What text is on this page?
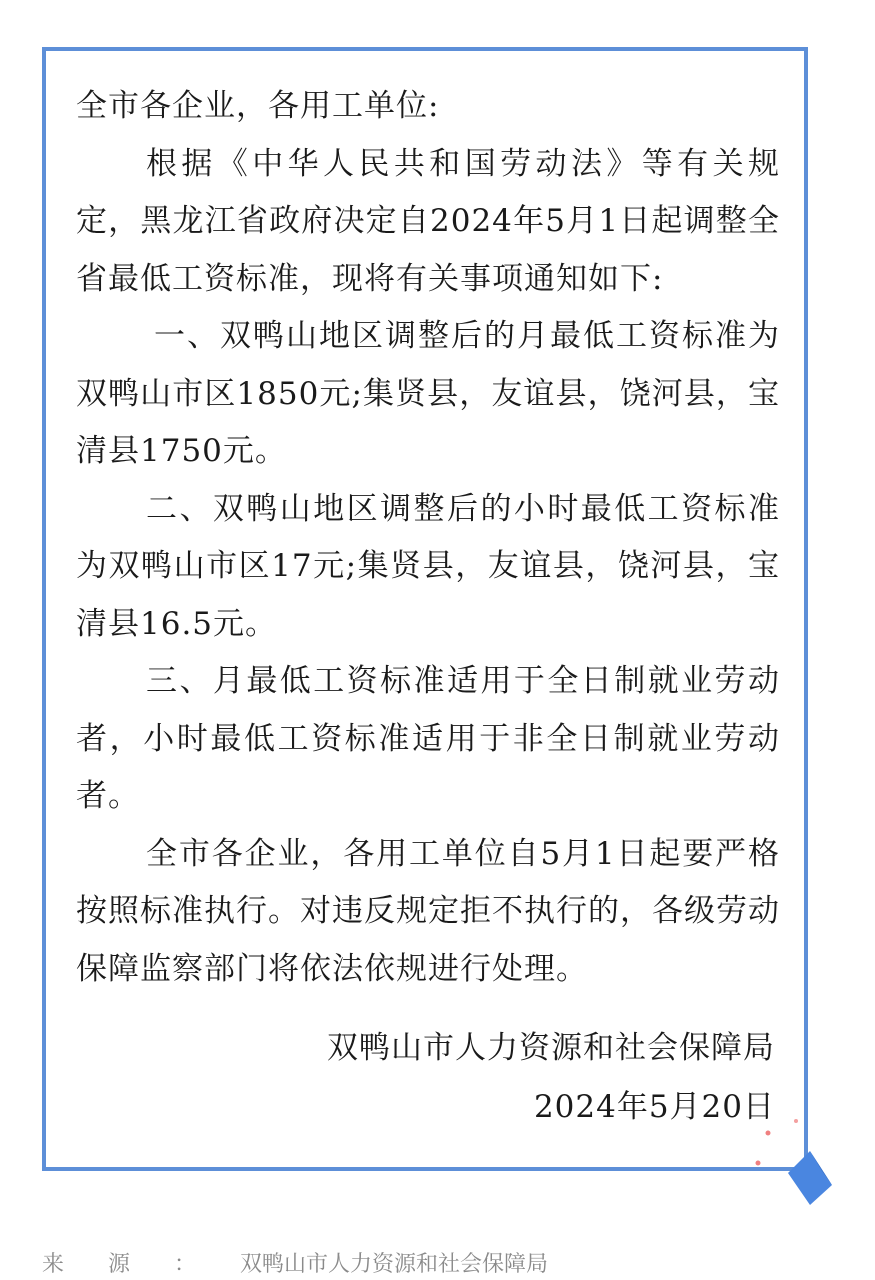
全市各企业，各用工单位:

根据《中华人民共和国劳动法》等有关规定，黑龙江省政府决定自2024年5月1日起调整全省最低工资标准，现将有关事项通知如下:

一、双鸭山地区调整后的月最低工资标准为双鸭山市区1850元;集贤县，友谊县，饶河县，宝清县1750元。

二、双鸭山地区调整后的小时最低工资标准为双鸭山市区17元;集贤县，友谊县，饶河县，宝清县16.5元。

三、月最低工资标准适用于全日制就业劳动者，小时最低工资标准适用于非全日制就业劳动者。

全市各企业，各用工单位自5月1日起要严格按照标准执行。对违反规定拒不执行的，各级劳动保障监察部门将依法依规进行处理。

双鸭山市人力资源和社会保障局
2024年5月20日
来源：双鸭山市人力资源和社会保障局
